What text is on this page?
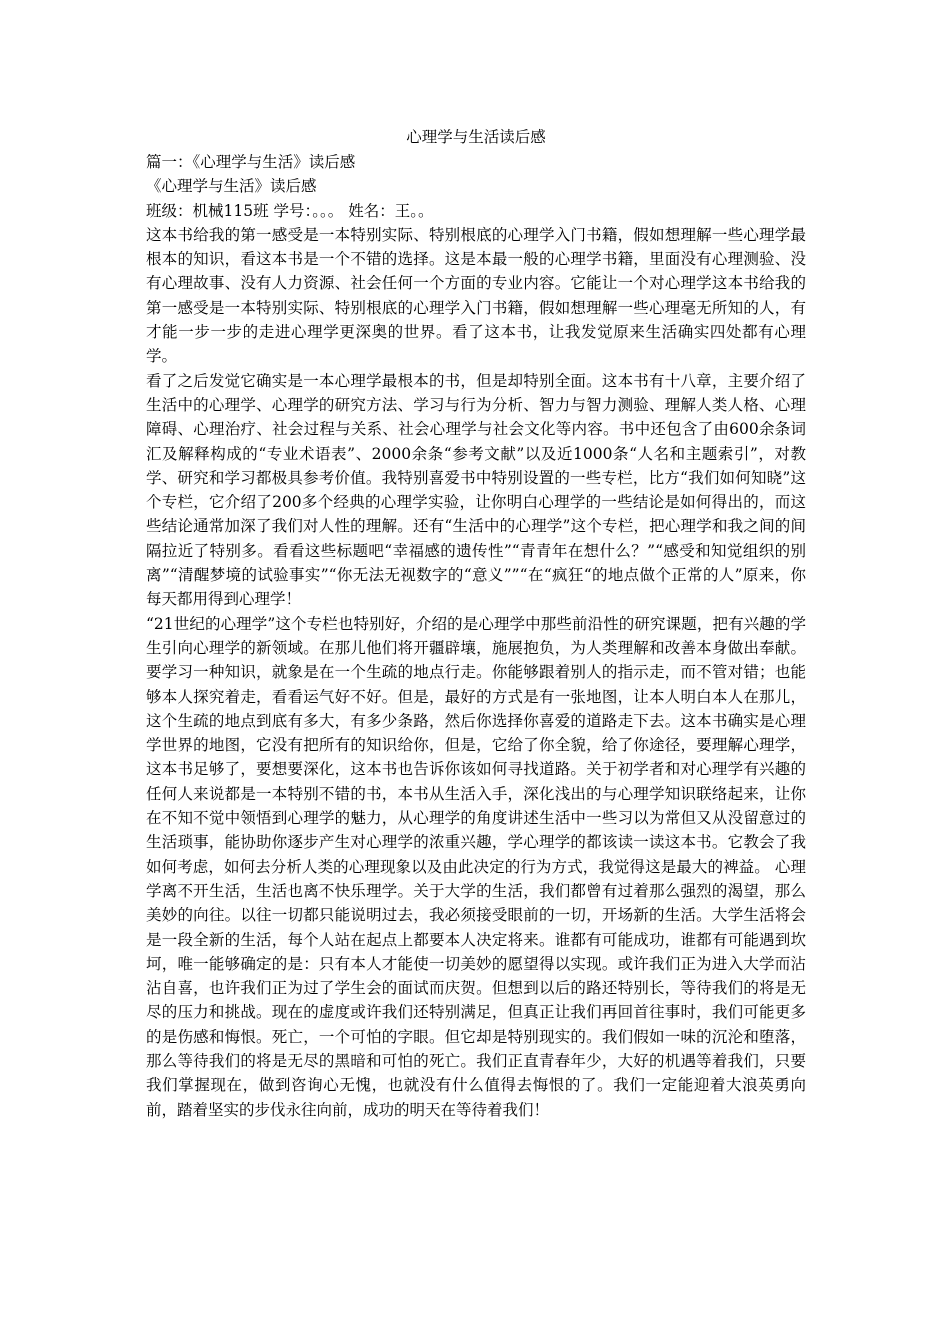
心理学与生活读后感

篇一：《心理学与生活》读后感

《心理学与生活》读后感

班级：机械115班 学号：。。。 姓名：王。。

这本书给我的第一感受是一本特别实际、特别根底的心理学入门书籍，假如想理解一些心理学最根本的知识，看这本书是一个不错的选择。这是本最一般的心理学书籍，里面没有心理测验、没有心理故事、没有人力资源、社会任何一个方面的专业内容。它能让一个对心理学这本书给我的第一感受是一本特别实际、特别根底的心理学入门书籍，假如想理解一些心理毫无所知的人，有才能一步一步的走进心理学更深奥的世界。看了这本书，让我发觉原来生活确实四处都有心理学。

看了之后发觉它确实是一本心理学最根本的书，但是却特别全面。这本书有十八章，主要介绍了生活中的心理学、心理学的研究方法、学习与行为分析、智力与智力测验、理解人类人格、心理障碍、心理治疗、社会过程与关系、社会心理学与社会文化等内容。书中还包含了由600余条词汇及解释构成的“专业术语表”、2000余条“参考文献”以及近1000条“人名和主题索引”，对教学、研究和学习都极具参考价值。我特别喜爱书中特别设置的一些专栏，比方“我们如何知晓”这个专栏，它介绍了200多个经典的心理学实验，让你明白心理学的一些结论是如何得出的，而这些结论通常加深了我们对人性的理解。还有“生活中的心理学”这个专栏，把心理学和我之间的间隔拉近了特别多。看看这些标题吧“幸福感的遗传性”“青青年在想什么？”“感受和知觉组织的别离”“清醒梦境的试验事实”“你无法无视数字的“意义””“在“疯狂“的地点做个正常的人”原来，你每天都用得到心理学！

“21世纪的心理学”这个专栏也特别好，介绍的是心理学中那些前沿性的研究课题，把有兴趣的学生引向心理学的新领域。在那儿他们将开疆辟壤，施展抱负，为人类理解和改善本身做出奉献。要学习一种知识，就象是在一个生疏的地点行走。你能够跟着别人的指示走，而不管对错；也能够本人探究着走，看看运气好不好。但是，最好的方式是有一张地图，让本人明白本人在那儿，这个生疏的地点到底有多大，有多少条路，然后你选择你喜爱的道路走下去。这本书确实是心理学世界的地图，它没有把所有的知识给你，但是，它给了你全貌，给了你途径，要理解心理学，这本书足够了，要想要深化，这本书也告诉你该如何寻找道路。关于初学者和对心理学有兴趣的任何人来说都是一本特别不错的书，本书从生活入手，深化浅出的与心理学知识联络起来，让你在不知不觉中领悟到心理学的魅力，从心理学的角度讲述生活中一些习以为常但又从没留意过的生活琐事，能协助你逐步产生对心理学的浓重兴趣，学心理学的都该读一读这本书。它教会了我如何考虑，如何去分析人类的心理现象以及由此决定的行为方式，我觉得这是最大的裨益。 心理学离不开生活，生活也离不快乐理学。关于大学的生活，我们都曾有过着那么强烈的渴望，那么美妙的向往。以往一切都只能说明过去，我必须接受眼前的一切，开场新的生活。大学生活将会是一段全新的生活，每个人站在起点上都要本人决定将来。谁都有可能成功，谁都有可能遇到坎坷，唯一能够确定的是：只有本人才能使一切美妙的愿望得以实现。或许我们正为进入大学而沾沾自喜，也许我们正为过了学生会的面试而庆贺。但想到以后的路还特别长，等待我们的将是无尽的压力和挑战。现在的虚度或许我们还特别满足，但真正让我们再回首往事时，我们可能更多的是伤感和悔恨。死亡，一个可怕的字眼。但它却是特别现实的。我们假如一味的沉沦和堕落，那么等待我们的将是无尽的黑暗和可怕的死亡。我们正直青春年少，大好的机遇等着我们，只要我们掌握现在，做到咨询心无愧，也就没有什么值得去悔恨的了。我们一定能迎着大浪英勇向前，踏着坚实的步伐永往向前，成功的明天在等待着我们！
